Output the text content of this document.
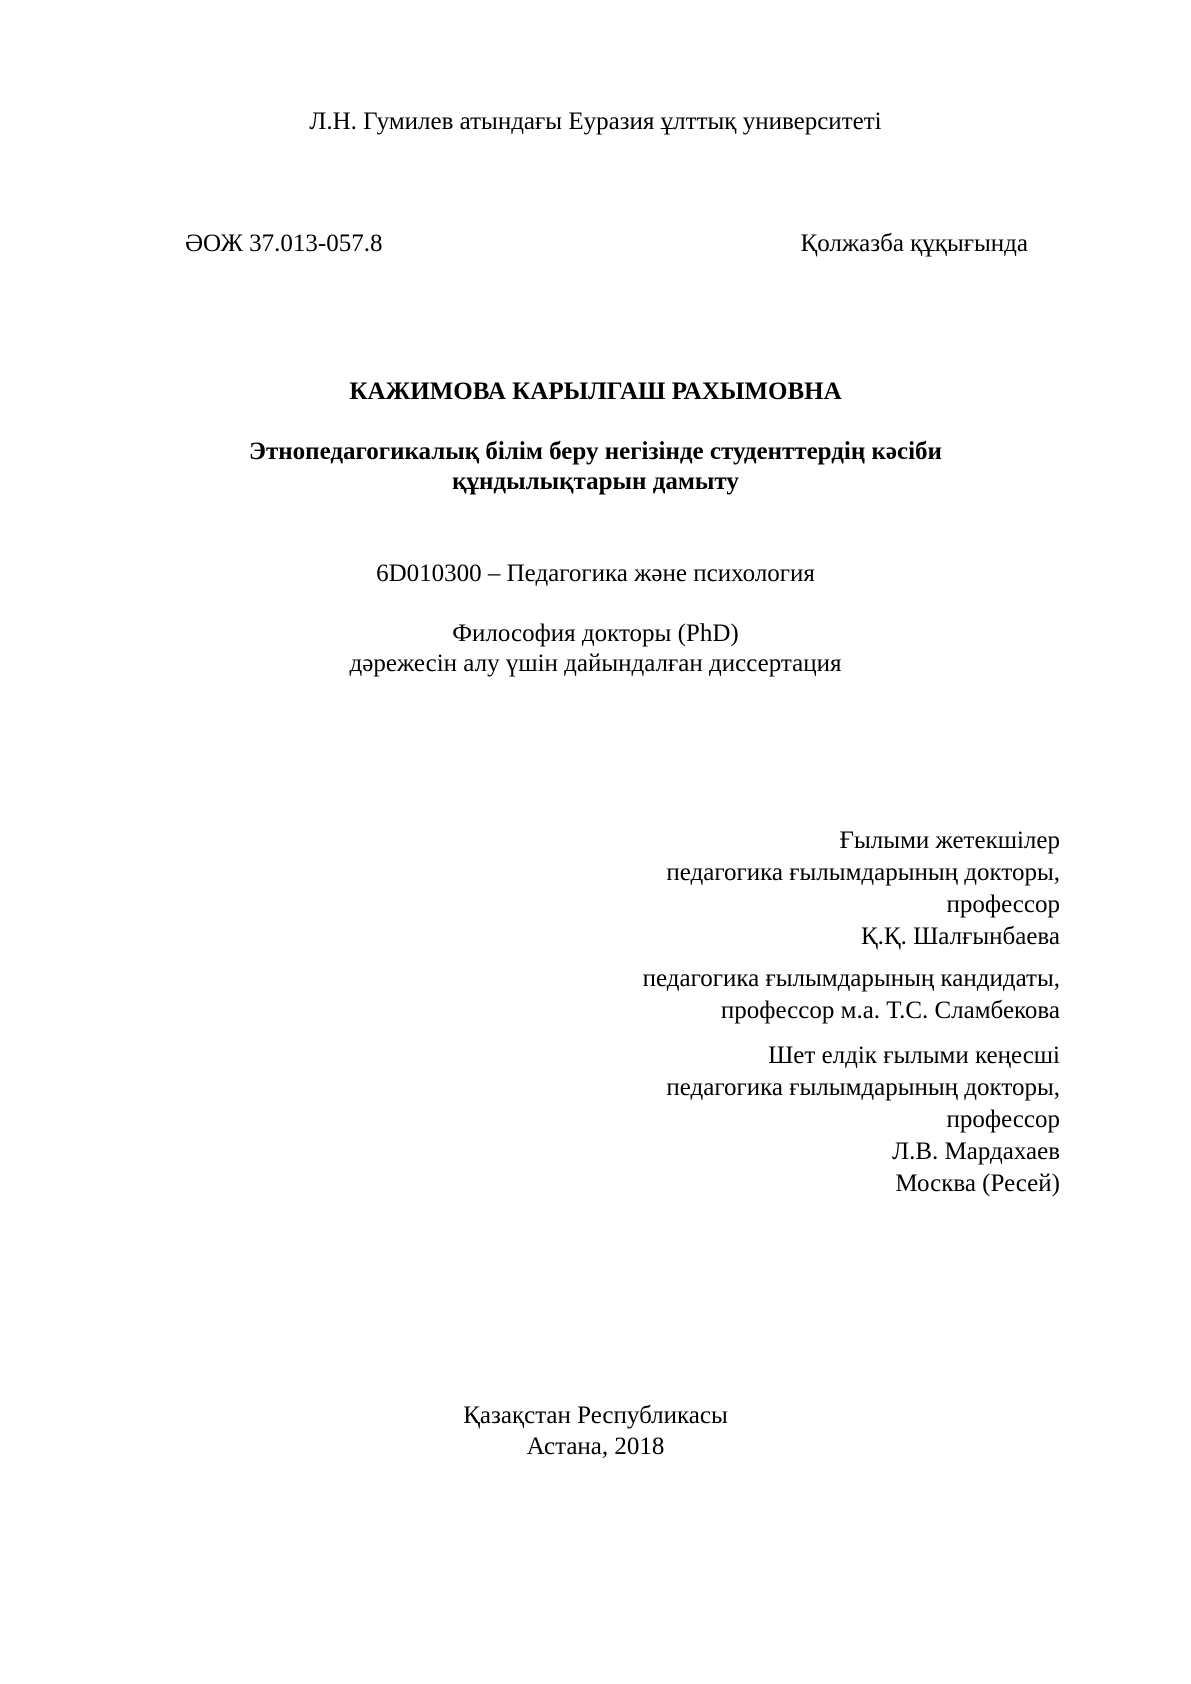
Л.Н. Гумилев атындағы Еуразия ұлттық университеті
ӘОЖ 37.013-057.8	Қолжазба құқығында
КАЖИМОВА КАРЫЛГАШ РАХЫМОВНА
Этнопедагогикалық білім беру негізінде студенттердің кәсіби
құндылықтарын дамыту
6D010300 – Педагогика және психология
Философия докторы (PhD)
дәрежесін алу үшін дайындалған диссертация
Ғылыми жетекшілер
педагогика ғылымдарының докторы,
профессор
Қ.Қ. Шалғынбаева
педагогика ғылымдарының кандидаты,
профессор м.а. Т.С. Сламбекова
Шет елдік ғылыми кеңесші
педагогика ғылымдарының докторы,
профессор
Л.В. Мардахаев
Москва (Ресей)
Қазақстан Республикасы
Астана, 2018
